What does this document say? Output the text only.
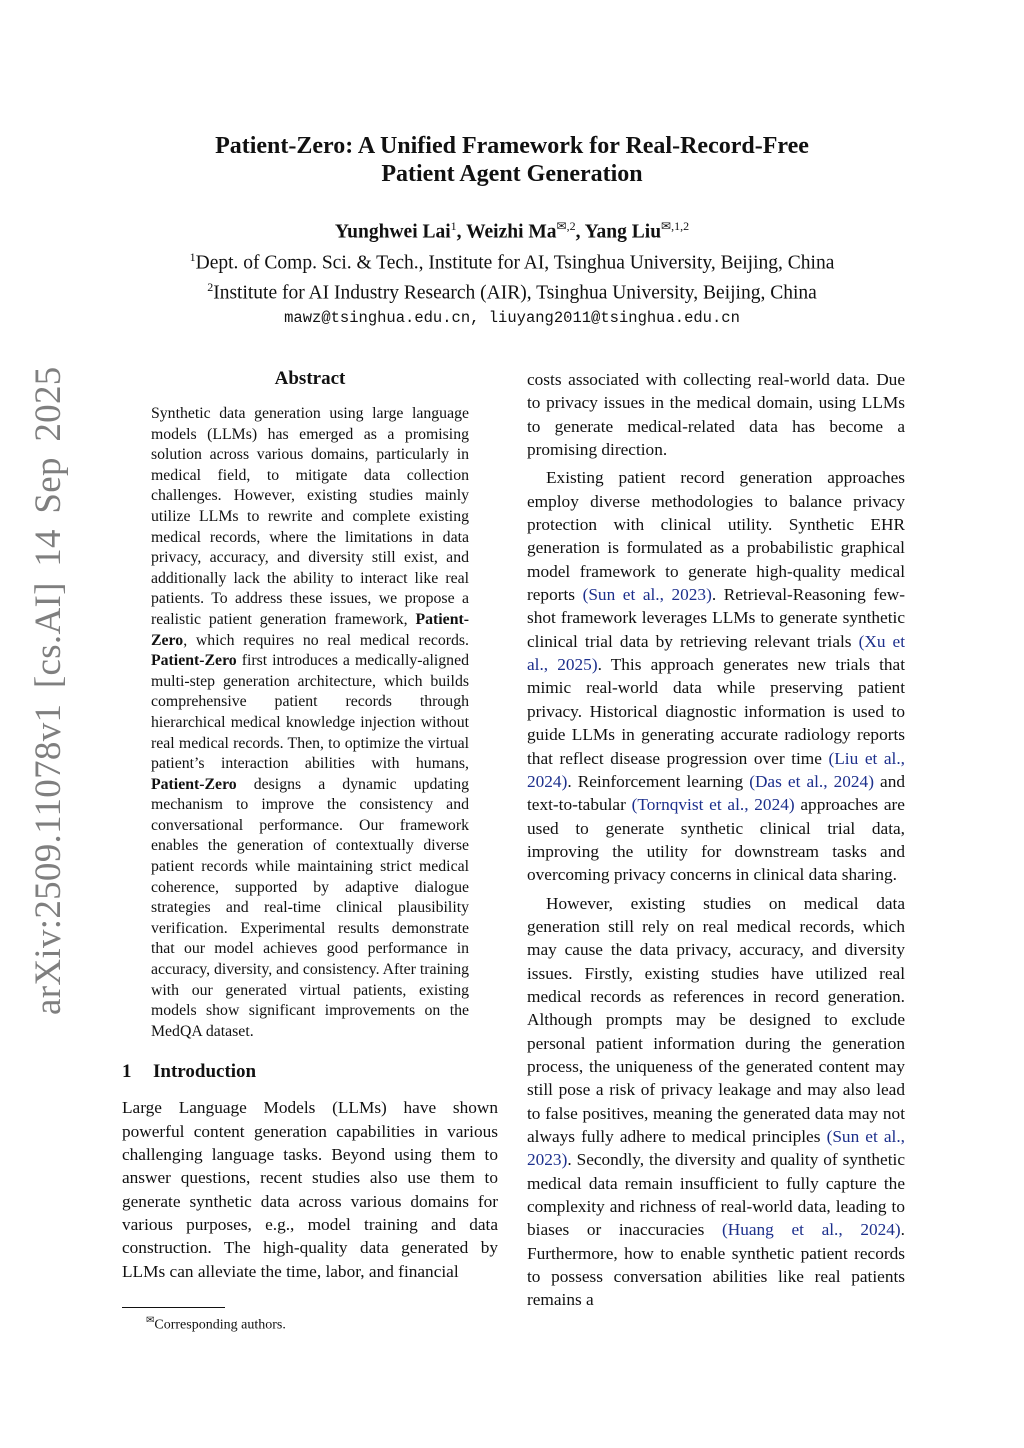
arXiv:2509.11078v1 [cs.AI] 14 Sep 2025
Patient-Zero: A Unified Framework for Real-Record-Free
Patient Agent Generation
Yunghwei Lai$^1$, Weizhi $Ma^{✉,2}$, Yang Liu$^{✉,1,2}$
$^1$Dept. of Comp. Sci. & Tech., Institute for AI, Tsinghua University, Beijing, China
$^2$Institute for AI Industry Research (AIR), Tsinghua University, Beijing, China
mawz@tsinghua.edu.cn, liuyang2011@tsinghua.edu.cn
Abstract
Synthetic data generation using large language models (LLMs) has emerged as a promising solution across various domains, particularly in medical field, to mitigate data collection challenges. However, existing studies mainly utilize LLMs to rewrite and complete existing medical records, where the limitations in data privacy, accuracy, and diversity still exist, and additionally lack the ability to interact like real patients. To address these issues, we propose a realistic patient generation framework, Patient-Zero, which requires no real medical records. Patient-Zero first introduces a medically-aligned multi-step generation architecture, which builds comprehensive patient records through hierarchical medical knowledge injection without real medical records. Then, to optimize the virtual patient’s interaction abilities with humans, Patient-Zero designs a dynamic updating mechanism to improve the consistency and conversational performance. Our framework enables the generation of contextually diverse patient records while maintaining strict medical coherence, supported by adaptive dialogue strategies and real-time clinical plausibility verification. Experimental results demonstrate that our model achieves good performance in accuracy, diversity, and consistency. After training with our generated virtual patients, existing models show significant improvements on the MedQA dataset.
1 Introduction

Large Language Models (LLMs) have shown powerful content generation capabilities in various challenging language tasks. Beyond using them to answer questions, recent studies also use them to generate synthetic data across various domains for various purposes, e.g., model training and data construction. The high-quality data generated by LLMs can alleviate the time, labor, and financial

costs associated with collecting real-world data. Due to privacy issues in the medical domain, using LLMs to generate medical-related data has become a promising direction.

Existing patient record generation approaches employ diverse methodologies to balance privacy protection with clinical utility. Synthetic EHR generation is formulated as a probabilistic graphical model framework to generate high-quality medical reports (Sun et al., 2023). Retrieval-Reasoning few-shot framework leverages LLMs to generate synthetic clinical trial data by retrieving relevant trials (Xu et al., 2025). This approach generates new trials that mimic real-world data while preserving patient privacy. Historical diagnostic information is used to guide LLMs in generating accurate radiology reports that reflect disease progression over time (Liu et al., 2024). Reinforcement learning (Das et al., 2024) and text-to-tabular (Tornqvist et al., 2024) approaches are used to generate synthetic clinical trial data, improving the utility for downstream tasks and overcoming privacy concerns in clinical data sharing.

However, existing studies on medical data generation still rely on real medical records, which may cause the data privacy, accuracy, and diversity issues. Firstly, existing studies have utilized real medical records as references in record generation. Although prompts may be designed to exclude personal patient information during the generation process, the uniqueness of the generated content may still pose a risk of privacy leakage and may also lead to false positives, meaning the generated data may not always fully adhere to medical principles (Sun et al., 2023). Secondly, the diversity and quality of synthetic medical data remain insufficient to fully capture the complexity and richness of real-world data, leading to biases or inaccuracies (Huang et al., 2024). Furthermore, how to enable synthetic patient records to possess conversation abilities like real patients remains a

✉Corresponding authors.
